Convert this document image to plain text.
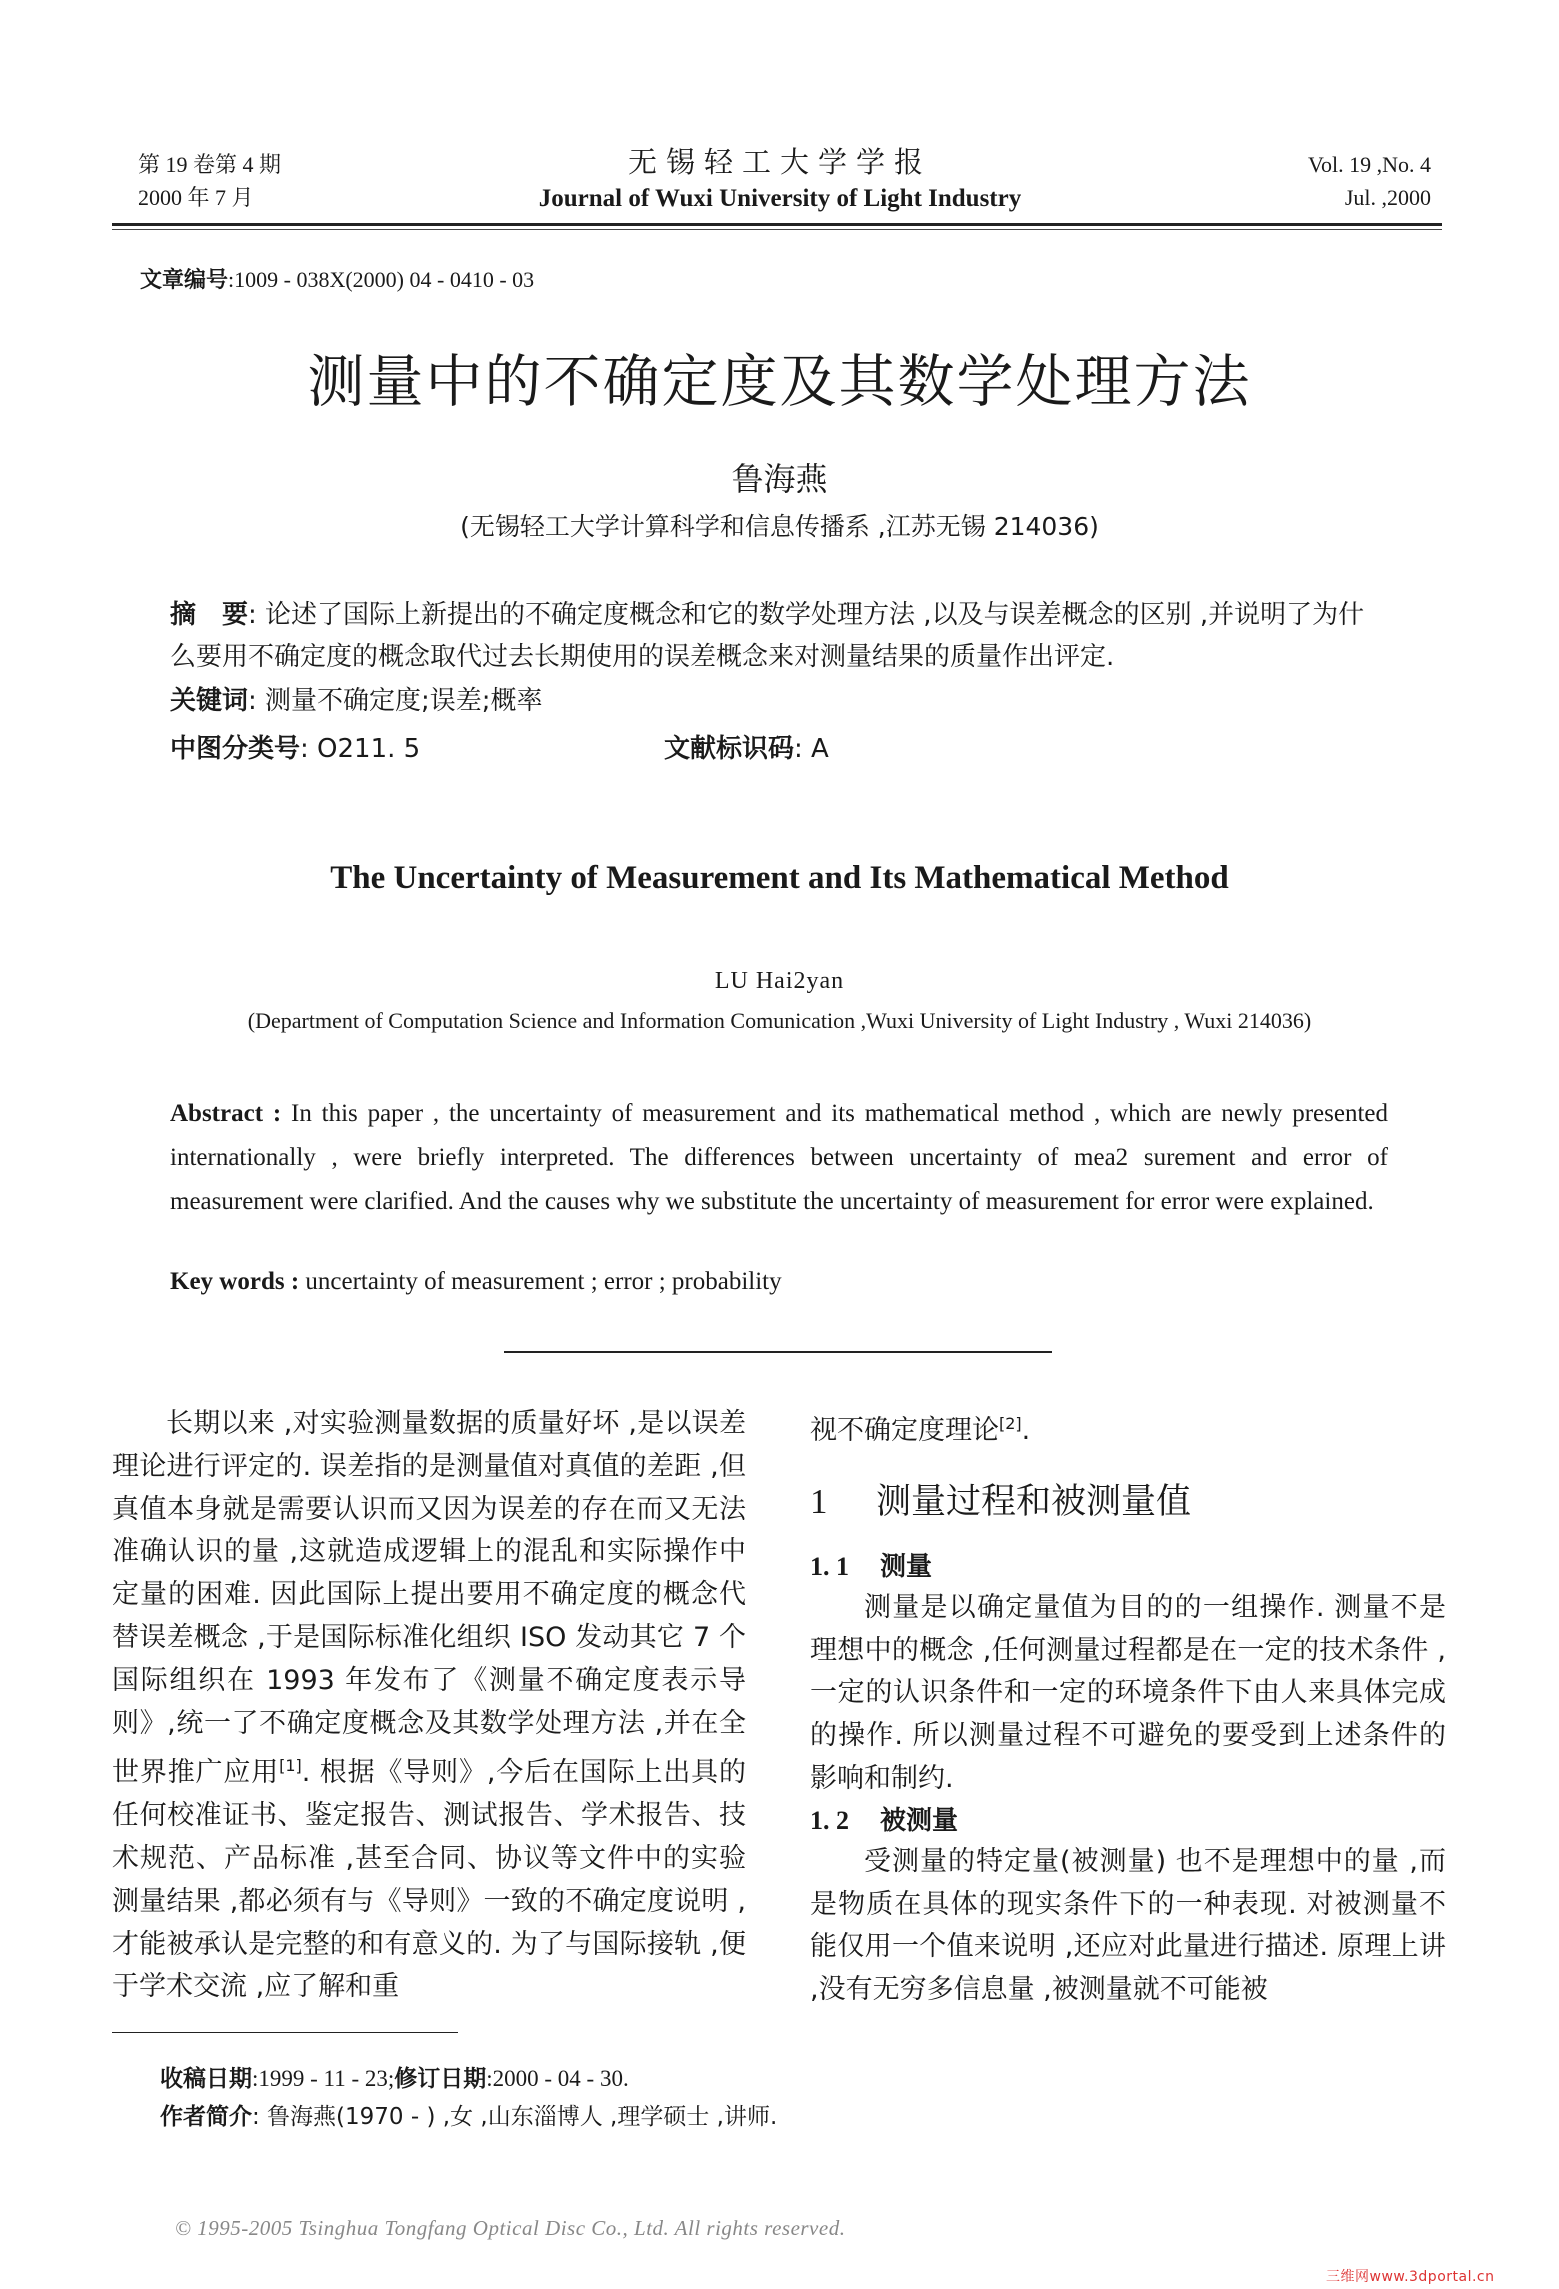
第 19 卷第 4 期
2000 年 7 月
无锡轻工大学学报
Journal of Wuxi University of Light Industry
Vol. 19 ,No. 4
Jul. ,2000
文章编号:1009 - 038X(2000) 04 - 0410 - 03
测量中的不确定度及其数学处理方法
鲁海燕
(无锡轻工大学计算科学和信息传播系 ,江苏无锡 214036)
摘　要: 论述了国际上新提出的不确定度概念和它的数学处理方法 ,以及与误差概念的区别 ,并说明了为什么要用不确定度的概念取代过去长期使用的误差概念来对测量结果的质量作出评定.
关键词: 测量不确定度;误差;概率
中图分类号: O211. 5	文献标识码: A
The Uncertainty of Measurement and Its Mathematical Method
LU Hai2yan
(Department of Computation Science and Information Comunication ,Wuxi University of Light Industry , Wuxi 214036)
Abstract : In this paper , the uncertainty of measurement and its mathematical method , which are newly presented internationally , were briefly interpreted. The differences between uncertainty of mea2 surement and error of measurement were clarified. And the causes why we substitute the uncertainty of measurement for error were explained.
Key words : uncertainty of measurement ; error ; probability
长期以来 ,对实验测量数据的质量好坏 ,是以误差理论进行评定的. 误差指的是测量值对真值的差距 ,但真值本身就是需要认识而又因为误差的存在而又无法准确认识的量 ,这就造成逻辑上的混乱和实际操作中定量的困难. 因此国际上提出要用不确定度的概念代替误差概念 ,于是国际标准化组织 ISO 发动其它 7 个国际组织在 1993 年发布了《测量不确定度表示导则》,统一了不确定度概念及其数学处理方法 ,并在全世界推广应用[1]. 根据《导则》,今后在国际上出具的任何校准证书、鉴定报告、测试报告、学术报告、技术规范、产品标准 ,甚至合同、协议等文件中的实验测量结果 ,都必须有与《导则》一致的不确定度说明 ,才能被承认是完整的和有意义的. 为了与国际接轨 ,便于学术交流 ,应了解和重
视不确定度理论[2].
1 测量过程和被测量值
1. 1 测量
测量是以确定量值为目的的一组操作. 测量不是理想中的概念 ,任何测量过程都是在一定的技术条件 ,一定的认识条件和一定的环境条件下由人来具体完成的操作. 所以测量过程不可避免的要受到上述条件的影响和制约.
1. 2 被测量
受测量的特定量(被测量) 也不是理想中的量 ,而是物质在具体的现实条件下的一种表现. 对被测量不能仅用一个值来说明 ,还应对此量进行描述. 原理上讲 ,没有无穷多信息量 ,被测量就不可能被
收稿日期:1999 - 11 - 23;修订日期:2000 - 04 - 30.
作者简介: 鲁海燕(1970 - ) ,女 ,山东淄博人 ,理学硕士 ,讲师.
© 1995-2005 Tsinghua Tongfang Optical Disc Co., Ltd. All rights reserved.
三维网www.3dportal.cn
